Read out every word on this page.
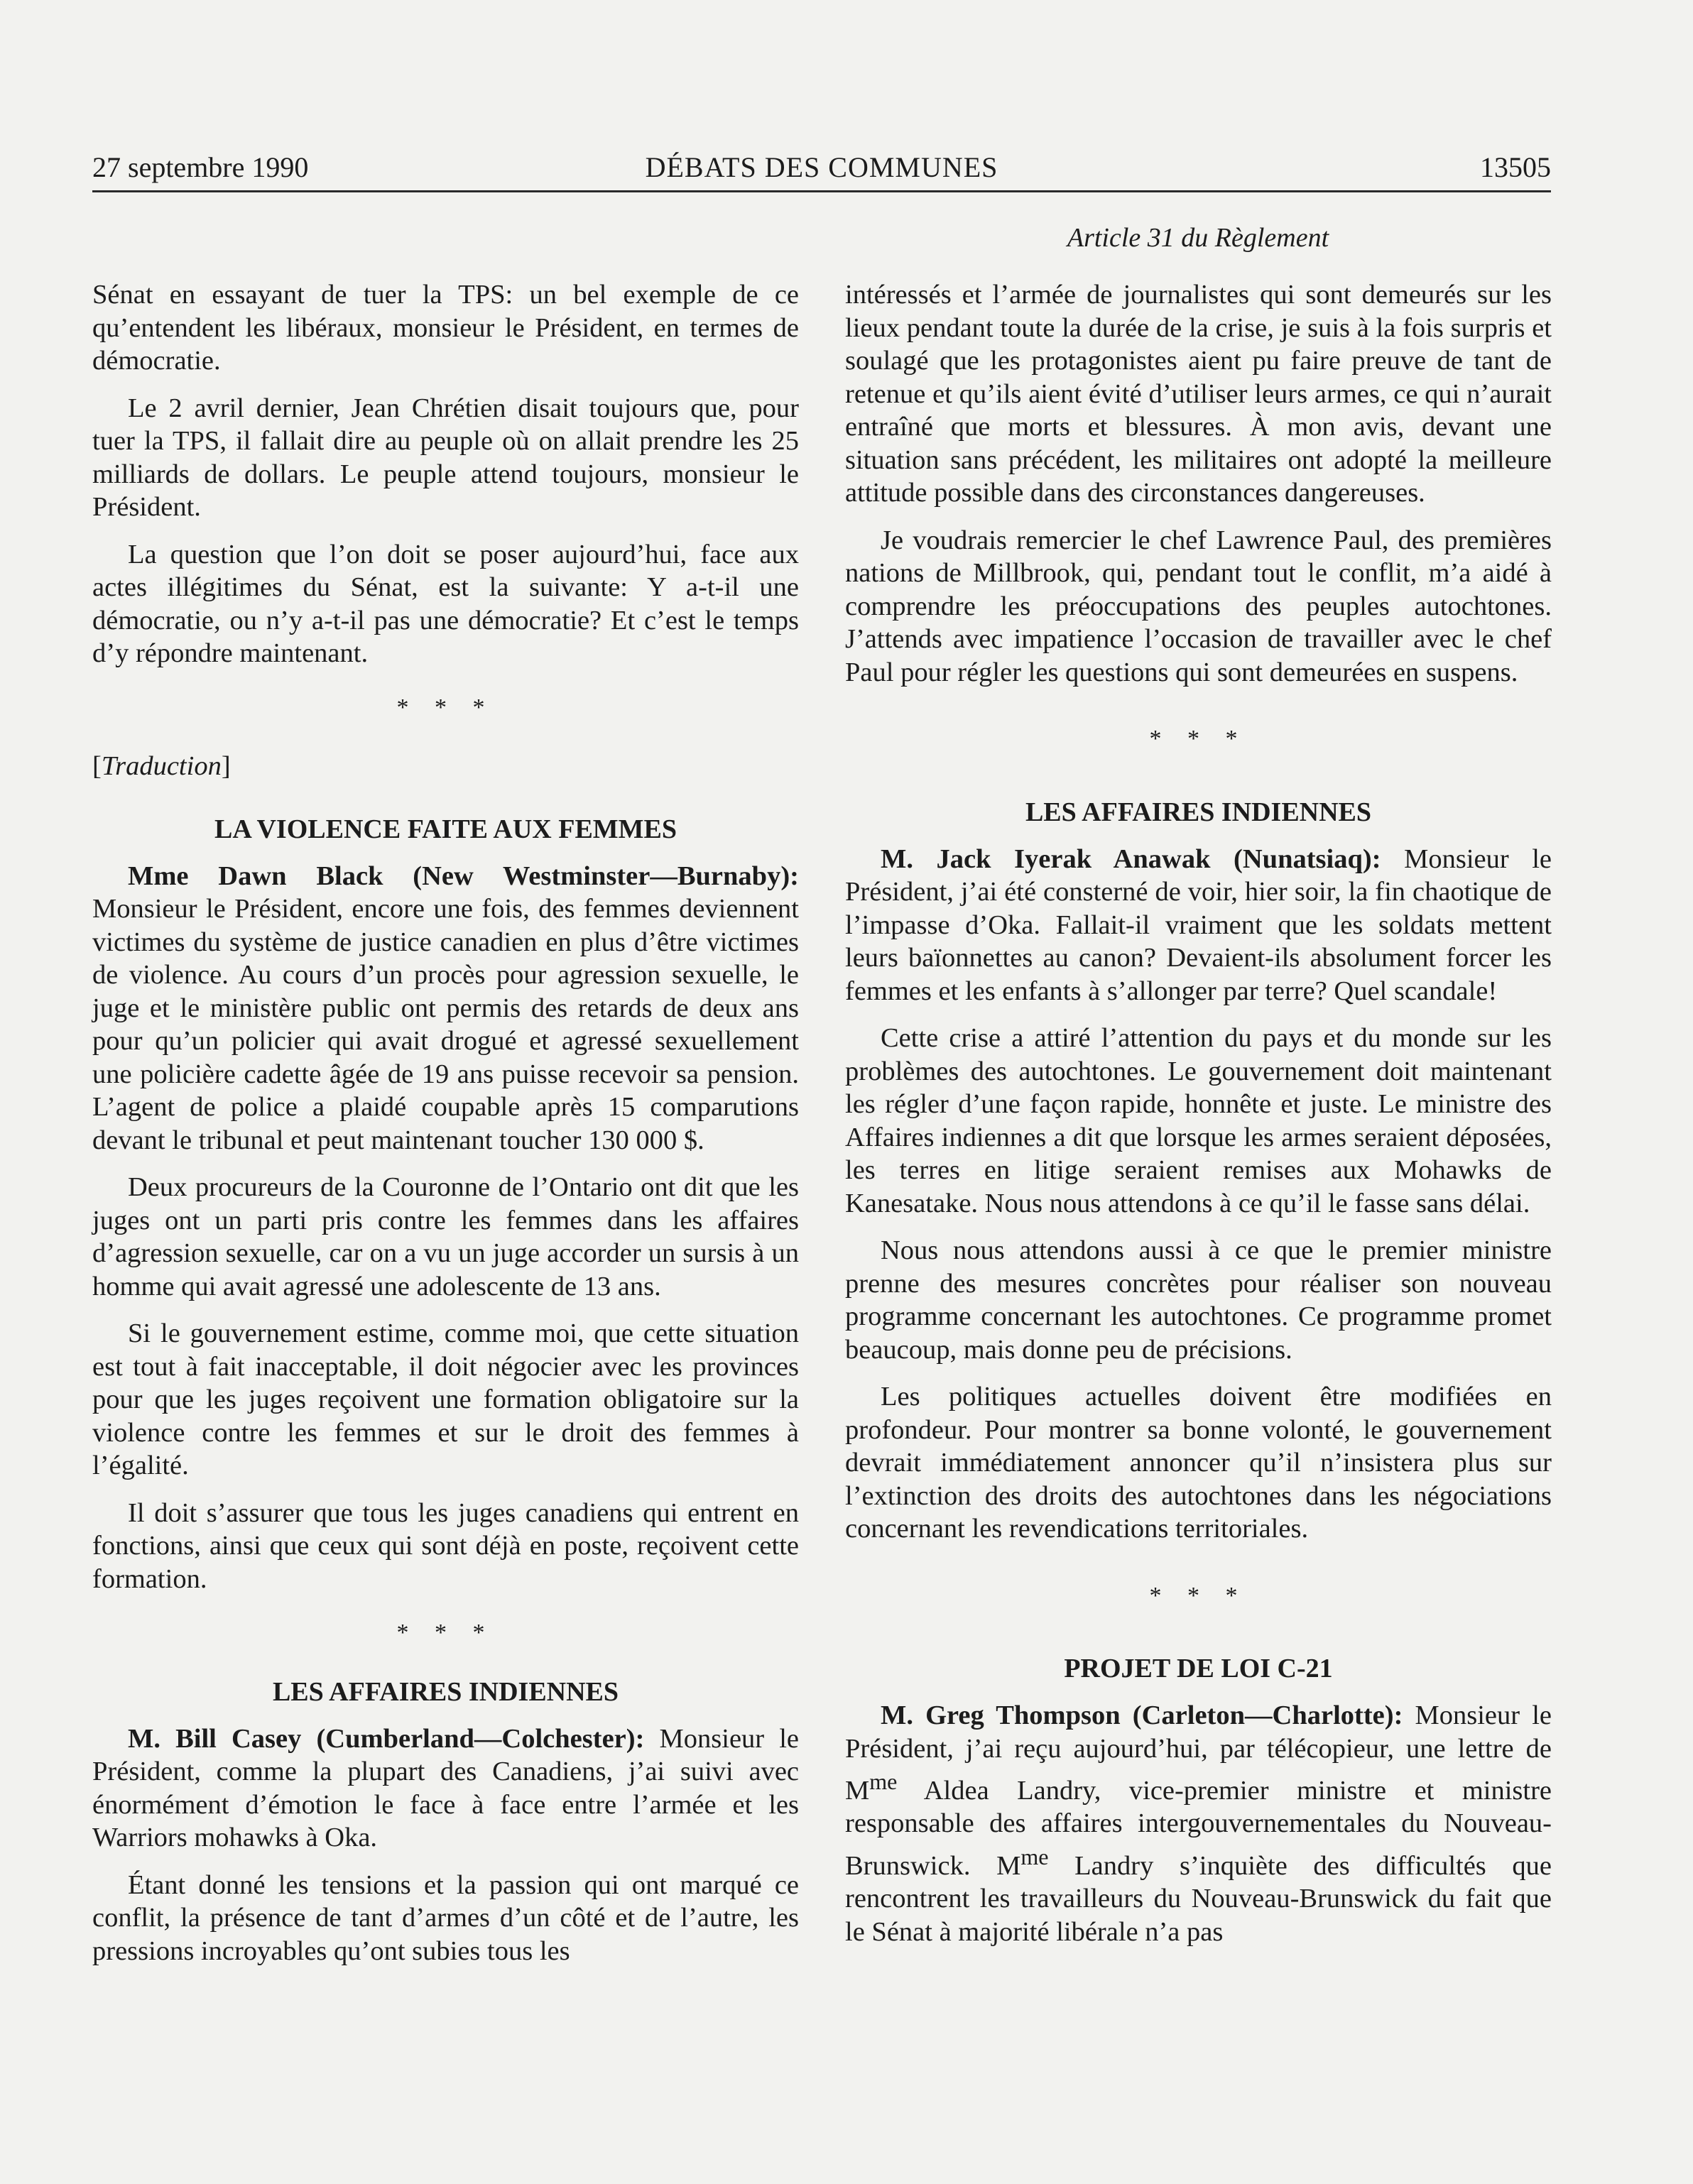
27 septembre 1990	DÉBATS DES COMMUNES	13505
Article 31 du Règlement

Sénat en essayant de tuer la TPS: un bel exemple de ce qu’entendent les libéraux, monsieur le Président, en termes de démocratie.

Le 2 avril dernier, Jean Chrétien disait toujours que, pour tuer la TPS, il fallait dire au peuple où on allait prendre les 25 milliards de dollars. Le peuple attend toujours, monsieur le Président.

La question que l’on doit se poser aujourd’hui, face aux actes illégitimes du Sénat, est la suivante: Y a-t-il une démocratie, ou n’y a-t-il pas une démocratie? Et c’est le temps d’y répondre maintenant.

* * *

[Traduction]

LA VIOLENCE FAITE AUX FEMMES

Mme Dawn Black (New Westminster—Burnaby): Monsieur le Président, encore une fois, des femmes deviennent victimes du système de justice canadien en plus d’être victimes de violence. Au cours d’un procès pour agression sexuelle, le juge et le ministère public ont permis des retards de deux ans pour qu’un policier qui avait drogué et agressé sexuellement une policière cadette âgée de 19 ans puisse recevoir sa pension. L’agent de police a plaidé coupable après 15 comparutions devant le tribunal et peut maintenant toucher 130 000 $.

Deux procureurs de la Couronne de l’Ontario ont dit que les juges ont un parti pris contre les femmes dans les affaires d’agression sexuelle, car on a vu un juge accorder un sursis à un homme qui avait agressé une adolescente de 13 ans.

Si le gouvernement estime, comme moi, que cette situation est tout à fait inacceptable, il doit négocier avec les provinces pour que les juges reçoivent une formation obligatoire sur la violence contre les femmes et sur le droit des femmes à l’égalité.

Il doit s’assurer que tous les juges canadiens qui entrent en fonctions, ainsi que ceux qui sont déjà en poste, reçoivent cette formation.

* * *
LES AFFAIRES INDIENNES

M. Bill Casey (Cumberland—Colchester): Monsieur le Président, comme la plupart des Canadiens, j’ai suivi avec énormément d’émotion le face à face entre l’armée et les Warriors mohawks à Oka.

Étant donné les tensions et la passion qui ont marqué ce conflit, la présence de tant d’armes d’un côté et de l’autre, les pressions incroyables qu’ont subies tous les

intéressés et l’armée de journalistes qui sont demeurés sur les lieux pendant toute la durée de la crise, je suis à la fois surpris et soulagé que les protagonistes aient pu faire preuve de tant de retenue et qu’ils aient évité d’utiliser leurs armes, ce qui n’aurait entraîné que morts et blessures. À mon avis, devant une situation sans précédent, les militaires ont adopté la meilleure attitude possible dans des circonstances dangereuses.

Je voudrais remercier le chef Lawrence Paul, des premières nations de Millbrook, qui, pendant tout le conflit, m’a aidé à comprendre les préoccupations des peuples autochtones. J’attends avec impatience l’occasion de travailler avec le chef Paul pour régler les questions qui sont demeurées en suspens.

* * *
LES AFFAIRES INDIENNES

M. Jack Iyerak Anawak (Nunatsiaq): Monsieur le Président, j’ai été consterné de voir, hier soir, la fin chaotique de l’impasse d’Oka. Fallait-il vraiment que les soldats mettent leurs baïonnettes au canon? Devaient-ils absolument forcer les femmes et les enfants à s’allonger par terre? Quel scandale!

Cette crise a attiré l’attention du pays et du monde sur les problèmes des autochtones. Le gouvernement doit maintenant les régler d’une façon rapide, honnête et juste. Le ministre des Affaires indiennes a dit que lorsque les armes seraient déposées, les terres en litige seraient remises aux Mohawks de Kanesatake. Nous nous attendons à ce qu’il le fasse sans délai.

Nous nous attendons aussi à ce que le premier ministre prenne des mesures concrètes pour réaliser son nouveau programme concernant les autochtones. Ce programme promet beaucoup, mais donne peu de précisions.

Les politiques actuelles doivent être modifiées en profondeur. Pour montrer sa bonne volonté, le gouvernement devrait immédiatement annoncer qu’il n’insistera plus sur l’extinction des droits des autochtones dans les négociations concernant les revendications territoriales.

* * *
PROJET DE LOI C-21

M. Greg Thompson (Carleton—Charlotte): Monsieur le Président, j’ai reçu aujourd’hui, par télécopieur, une lettre de $M^{me}$ Aldea Landry, vice-premier ministre et ministre responsable des affaires intergouvernementales du Nouveau-Brunswick. $M^{me}$ Landry s’inquiète des difficultés que rencontrent les travailleurs du Nouveau-Brunswick du fait que le Sénat à majorité libérale n’a pas
